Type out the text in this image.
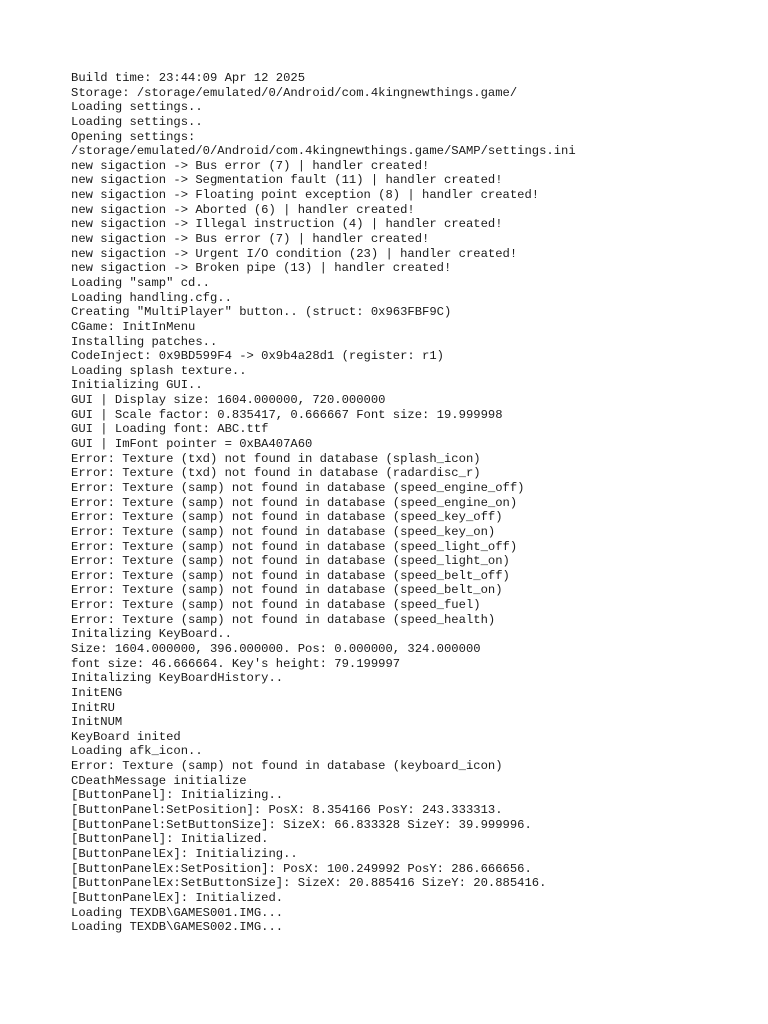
Build time: 23:44:09 Apr 12 2025
Storage: /storage/emulated/0/Android/com.4kingnewthings.game/
Loading settings..
Loading settings..
Opening settings:
/storage/emulated/0/Android/com.4kingnewthings.game/SAMP/settings.ini
new sigaction -> Bus error (7) | handler created!
new sigaction -> Segmentation fault (11) | handler created!
new sigaction -> Floating point exception (8) | handler created!
new sigaction -> Aborted (6) | handler created!
new sigaction -> Illegal instruction (4) | handler created!
new sigaction -> Bus error (7) | handler created!
new sigaction -> Urgent I/O condition (23) | handler created!
new sigaction -> Broken pipe (13) | handler created!
Loading "samp" cd..
Loading handling.cfg..
Creating "MultiPlayer" button.. (struct: 0x963FBF9C)
CGame: InitInMenu
Installing patches..
CodeInject: 0x9BD599F4 -> 0x9b4a28d1 (register: r1)
Loading splash texture..
Initializing GUI..
GUI | Display size: 1604.000000, 720.000000
GUI | Scale factor: 0.835417, 0.666667 Font size: 19.999998
GUI | Loading font: ABC.ttf
GUI | ImFont pointer = 0xBA407A60
Error: Texture (txd) not found in database (splash_icon)
Error: Texture (txd) not found in database (radardisc_r)
Error: Texture (samp) not found in database (speed_engine_off)
Error: Texture (samp) not found in database (speed_engine_on)
Error: Texture (samp) not found in database (speed_key_off)
Error: Texture (samp) not found in database (speed_key_on)
Error: Texture (samp) not found in database (speed_light_off)
Error: Texture (samp) not found in database (speed_light_on)
Error: Texture (samp) not found in database (speed_belt_off)
Error: Texture (samp) not found in database (speed_belt_on)
Error: Texture (samp) not found in database (speed_fuel)
Error: Texture (samp) not found in database (speed_health)
Initalizing KeyBoard..
Size: 1604.000000, 396.000000. Pos: 0.000000, 324.000000
font size: 46.666664. Key's height: 79.199997
Initalizing KeyBoardHistory..
InitENG
InitRU
InitNUM
KeyBoard inited
Loading afk_icon..
Error: Texture (samp) not found in database (keyboard_icon)
CDeathMessage initialize
[ButtonPanel]: Initializing..
[ButtonPanel:SetPosition]: PosX: 8.354166 PosY: 243.333313.
[ButtonPanel:SetButtonSize]: SizeX: 66.833328 SizeY: 39.999996.
[ButtonPanel]: Initialized.
[ButtonPanelEx]: Initializing..
[ButtonPanelEx:SetPosition]: PosX: 100.249992 PosY: 286.666656.
[ButtonPanelEx:SetButtonSize]: SizeX: 20.885416 SizeY: 20.885416.
[ButtonPanelEx]: Initialized.
Loading TEXDB\GAMES001.IMG...
Loading TEXDB\GAMES002.IMG...
